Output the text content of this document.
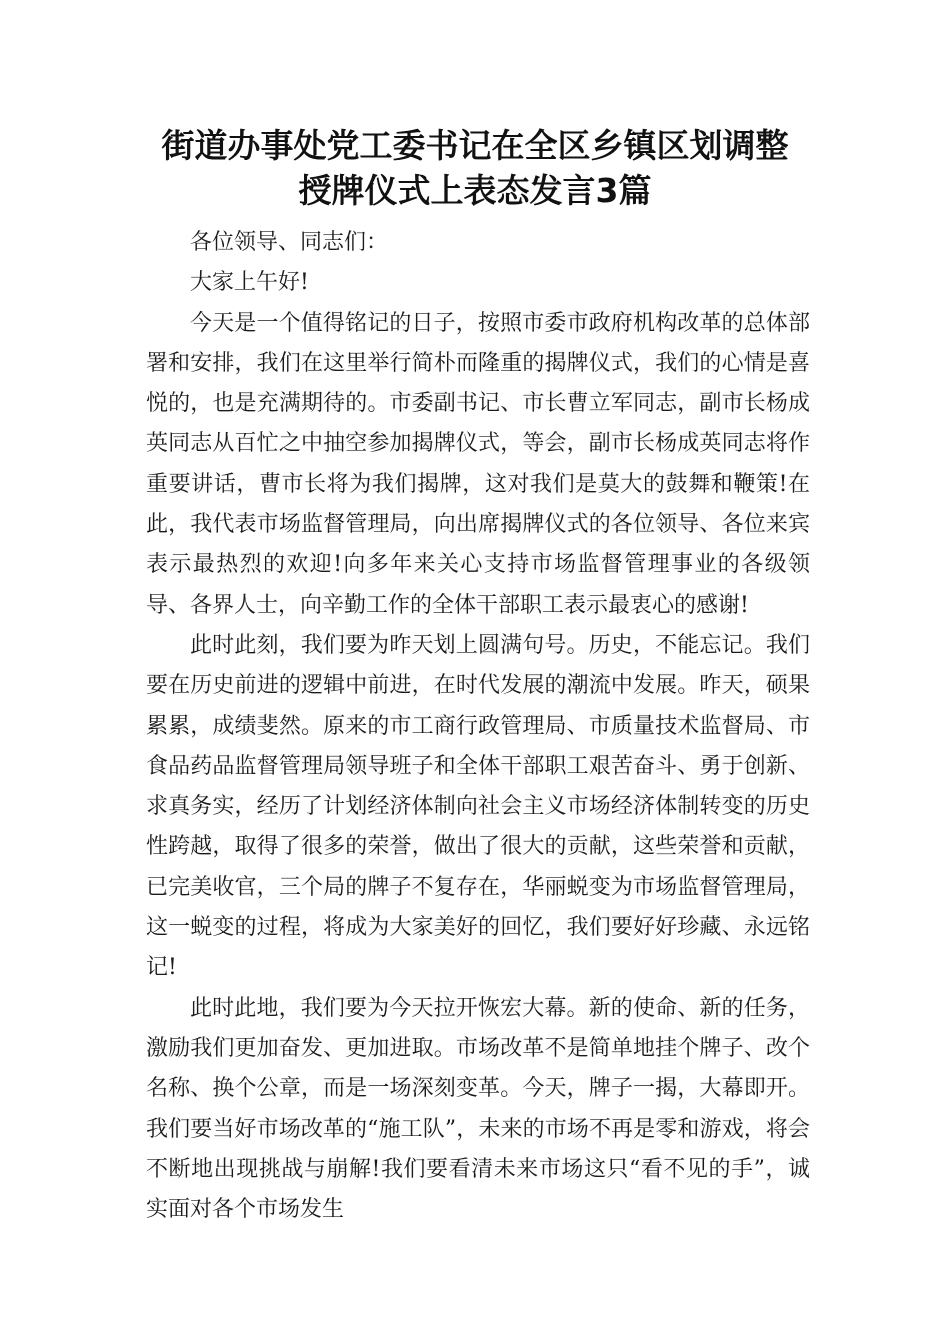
街道办事处党工委书记在全区乡镇区划调整
授牌仪式上表态发言3篇

各位领导、同志们：

大家上午好!

今天是一个值得铭记的日子，按照市委市政府机构改革的总体部署和安排，我们在这里举行简朴而隆重的揭牌仪式，我们的心情是喜悦的，也是充满期待的。市委副书记、市长曹立军同志，副市长杨成英同志从百忙之中抽空参加揭牌仪式，等会，副市长杨成英同志将作重要讲话，曹市长将为我们揭牌，这对我们是莫大的鼓舞和鞭策!在此，我代表市场监督管理局，向出席揭牌仪式的各位领导、各位来宾表示最热烈的欢迎!向多年来关心支持市场监督管理事业的各级领导、各界人士，向辛勤工作的全体干部职工表示最衷心的感谢!

此时此刻，我们要为昨天划上圆满句号。历史，不能忘记。我们要在历史前进的逻辑中前进，在时代发展的潮流中发展。昨天，硕果累累，成绩斐然。原来的市工商行政管理局、市质量技术监督局、市食品药品监督管理局领导班子和全体干部职工艰苦奋斗、勇于创新、求真务实，经历了计划经济体制向社会主义市场经济体制转变的历史性跨越，取得了很多的荣誉，做出了很大的贡献，这些荣誉和贡献，已完美收官，三个局的牌子不复存在，华丽蜕变为市场监督管理局，这一蜕变的过程，将成为大家美好的回忆，我们要好好珍藏、永远铭记!

此时此地，我们要为今天拉开恢宏大幕。新的使命、新的任务，激励我们更加奋发、更加进取。市场改革不是简单地挂个牌子、改个名称、换个公章，而是一场深刻变革。今天，牌子一揭，大幕即开。我们要当好市场改革的“施工队”，未来的市场不再是零和游戏，将会不断地出现挑战与崩解!我们要看清未来市场这只“看不见的手”，诚实面对各个市场发生
